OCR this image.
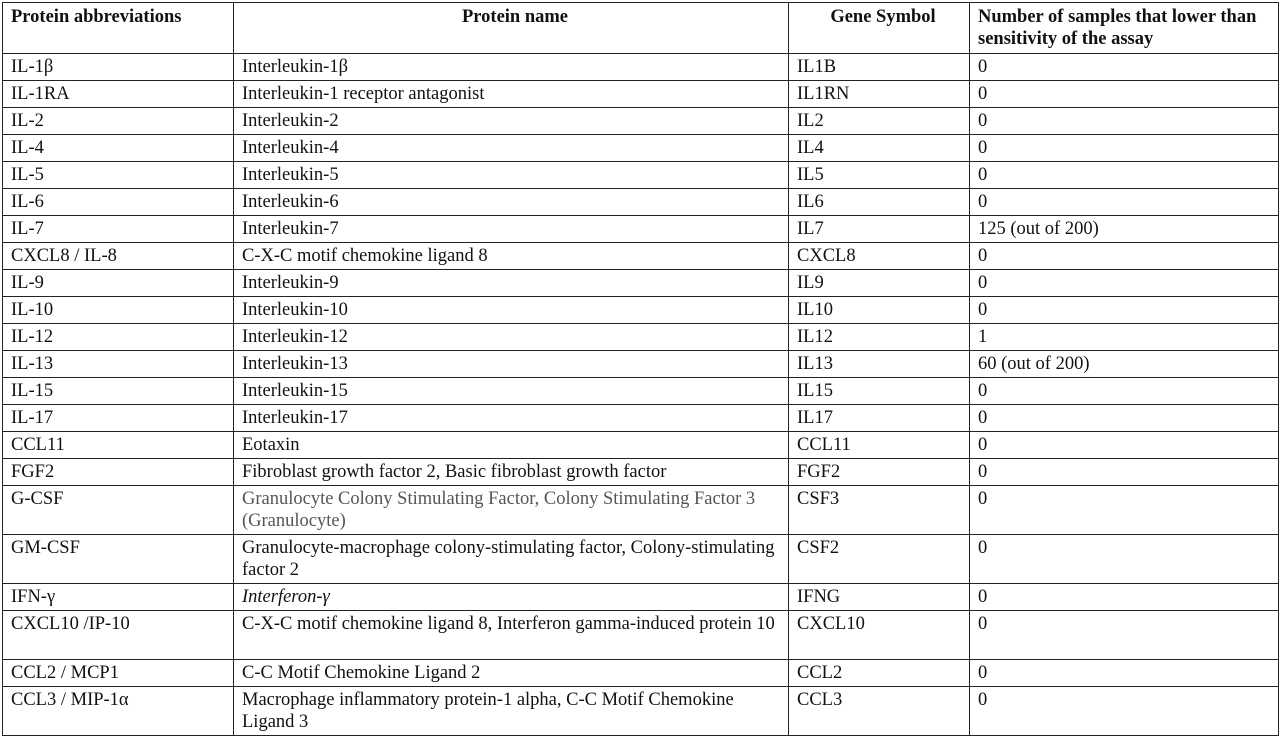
Protein abbreviations	Protein name	Gene Symbol	Number of samples that lower than sensitivity of the assay
IL-1β	Interleukin-1β	IL1B	0
IL-1RA	Interleukin-1 receptor antagonist	IL1RN	0
IL-2	Interleukin-2	IL2	0
IL-4	Interleukin-4	IL4	0
IL-5	Interleukin-5	IL5	0
IL-6	Interleukin-6	IL6	0
IL-7	Interleukin-7	IL7	125 (out of 200)
CXCL8 / IL-8	C-X-C motif chemokine ligand 8	CXCL8	0
IL-9	Interleukin-9	IL9	0
IL-10	Interleukin-10	IL10	0
IL-12	Interleukin-12	IL12	1
IL-13	Interleukin-13	IL13	60 (out of 200)
IL-15	Interleukin-15	IL15	0
IL-17	Interleukin-17	IL17	0
CCL11	Eotaxin	CCL11	0
FGF2	Fibroblast growth factor 2, Basic fibroblast growth factor	FGF2	0
G-CSF	Granulocyte Colony Stimulating Factor, Colony Stimulating Factor 3 (Granulocyte)	CSF3	0
GM-CSF	Granulocyte-macrophage colony-stimulating factor, Colony-stimulating factor 2	CSF2	0
IFN-γ	Interferon-γ	IFNG	0
CXCL10 /IP-10	C-X-C motif chemokine ligand 8, Interferon gamma-induced protein 10	CXCL10	0
CCL2 / MCP1	C-C Motif Chemokine Ligand 2	CCL2	0
CCL3 / MIP-1α	Macrophage inflammatory protein-1 alpha, C-C Motif Chemokine Ligand 3	CCL3	0
